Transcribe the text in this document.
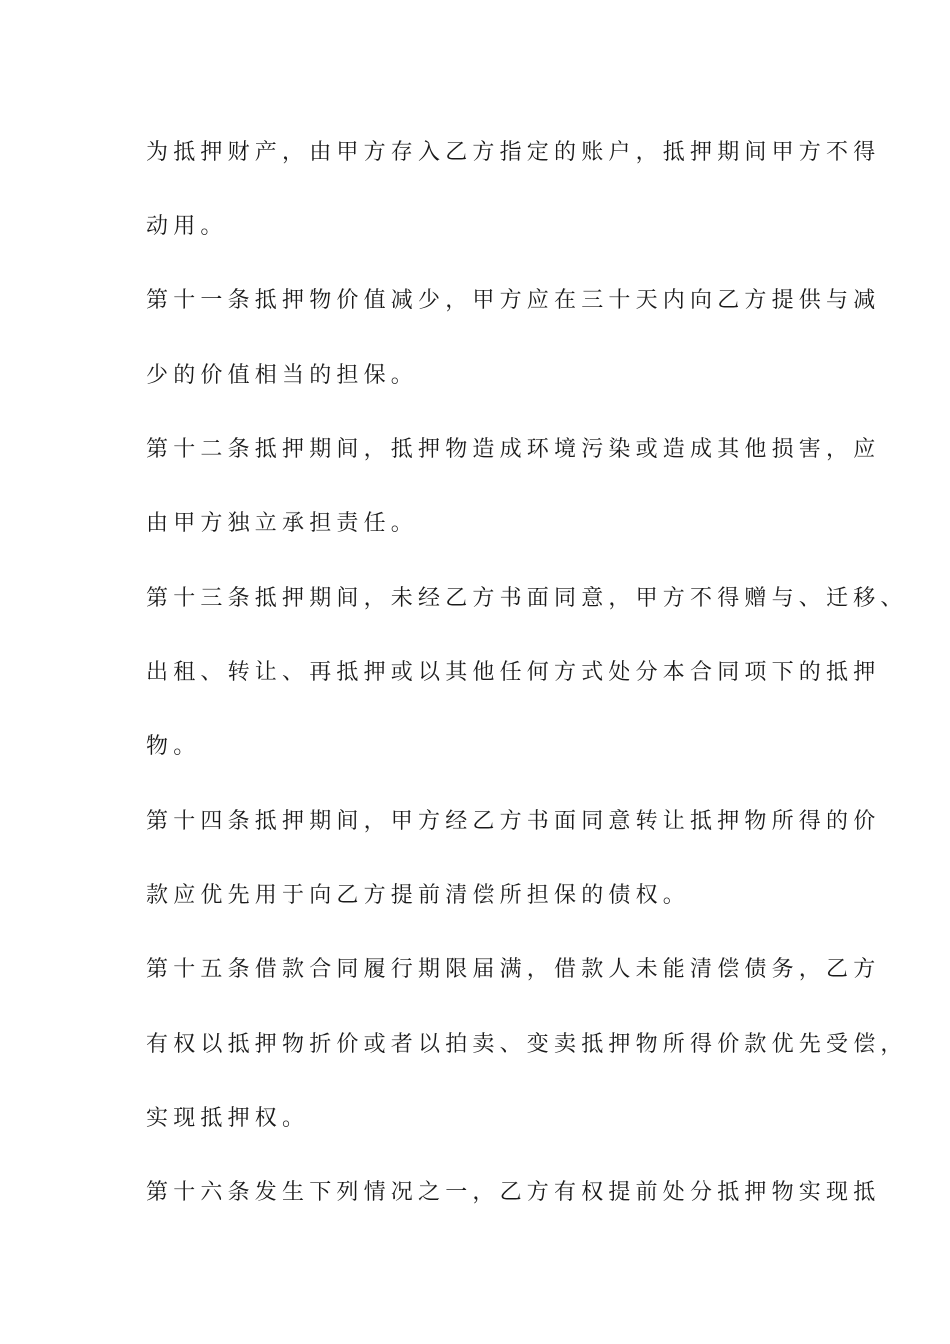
为抵押财产，由甲方存入乙方指定的账户，抵押期间甲方不得
动用。
第十一条抵押物价值减少，甲方应在三十天内向乙方提供与减
少的价值相当的担保。
第十二条抵押期间，抵押物造成环境污染或造成其他损害，应
由甲方独立承担责任。
第十三条抵押期间，未经乙方书面同意，甲方不得赠与、迁移、
出租、转让、再抵押或以其他任何方式处分本合同项下的抵押
物。
第十四条抵押期间，甲方经乙方书面同意转让抵押物所得的价
款应优先用于向乙方提前清偿所担保的债权。
第十五条借款合同履行期限届满，借款人未能清偿债务，乙方
有权以抵押物折价或者以拍卖、变卖抵押物所得价款优先受偿，
实现抵押权。
第十六条发生下列情况之一，乙方有权提前处分抵押物实现抵
